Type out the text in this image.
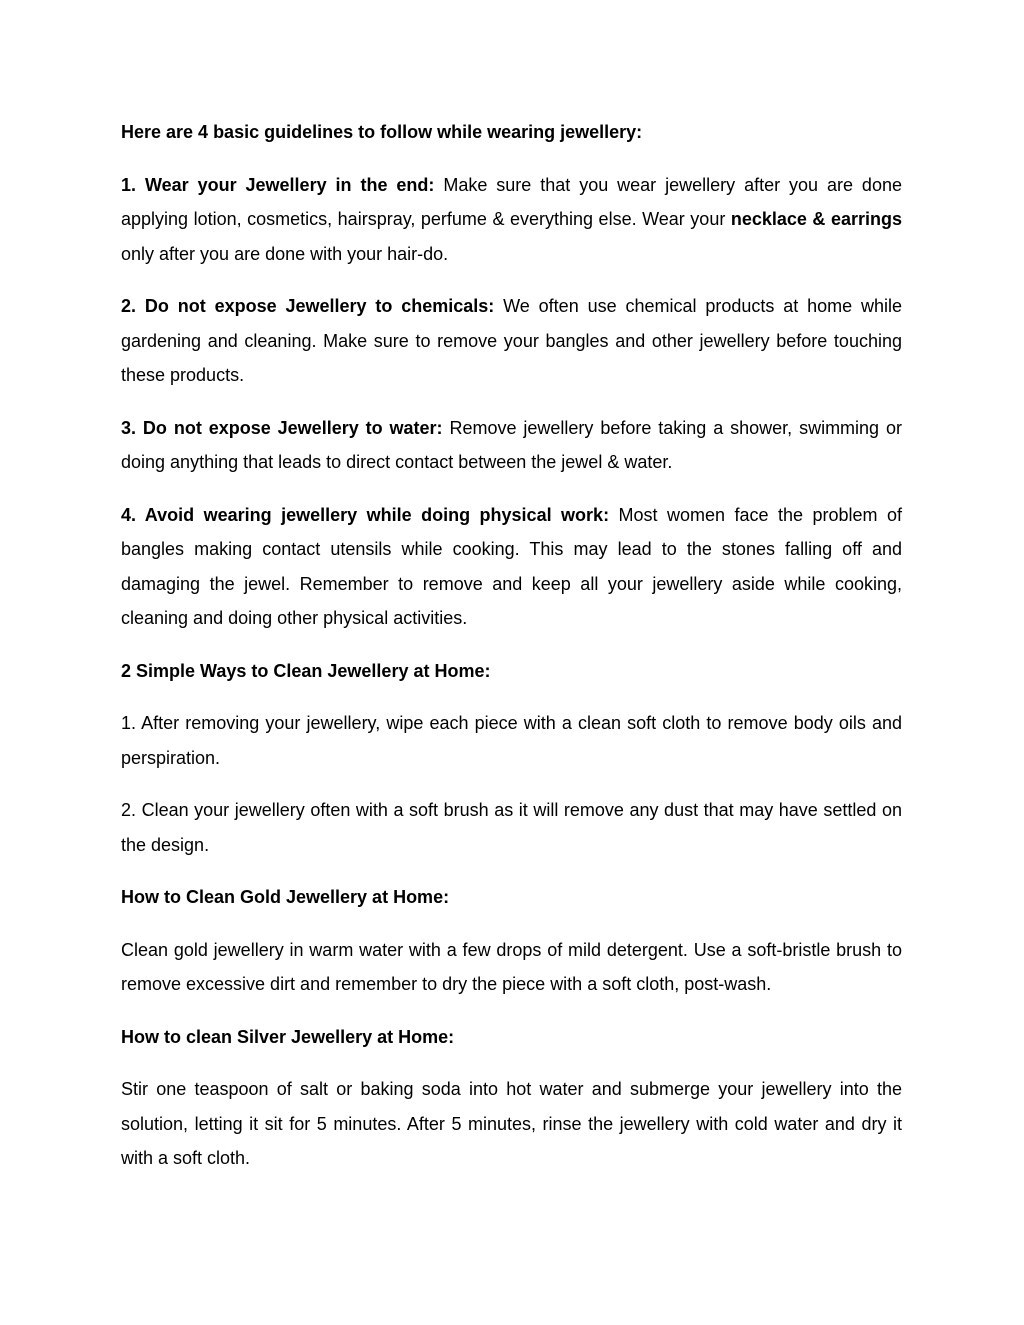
Here are 4 basic guidelines to follow while wearing jewellery:

1. Wear your Jewellery in the end: Make sure that you wear jewellery after you are done applying lotion, cosmetics, hairspray, perfume & everything else. Wear your necklace & earrings only after you are done with your hair-do.

2. Do not expose Jewellery to chemicals: We often use chemical products at home while gardening and cleaning. Make sure to remove your bangles and other jewellery before touching these products.

3. Do not expose Jewellery to water: Remove jewellery before taking a shower, swimming or doing anything that leads to direct contact between the jewel & water.

4. Avoid wearing jewellery while doing physical work: Most women face the problem of bangles making contact utensils while cooking. This may lead to the stones falling off and damaging the jewel. Remember to remove and keep all your jewellery aside while cooking, cleaning and doing other physical activities.

2 Simple Ways to Clean Jewellery at Home:

1. After removing your jewellery, wipe each piece with a clean soft cloth to remove body oils and perspiration.

2. Clean your jewellery often with a soft brush as it will remove any dust that may have settled on the design.

How to Clean Gold Jewellery at Home:

Clean gold jewellery in warm water with a few drops of mild detergent. Use a soft-bristle brush to remove excessive dirt and remember to dry the piece with a soft cloth, post-wash.

How to clean Silver Jewellery at Home:

Stir one teaspoon of salt or baking soda into hot water and submerge your jewellery into the solution, letting it sit for 5 minutes. After 5 minutes, rinse the jewellery with cold water and dry it with a soft cloth.
